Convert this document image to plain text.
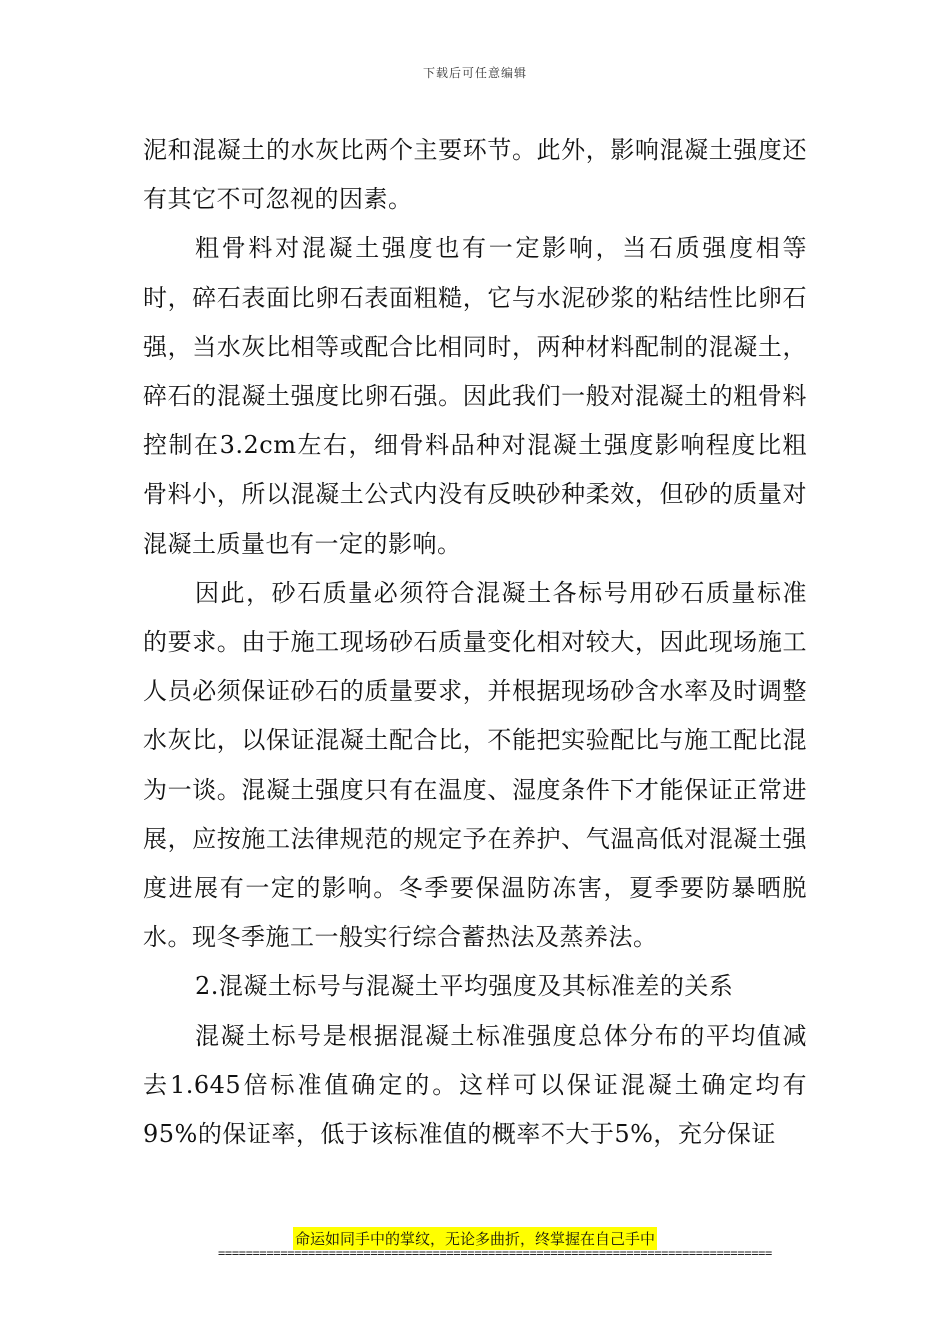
下载后可任意编辑

泥和混凝土的水灰比两个主要环节。此外，影响混凝土强度还有其它不可忽视的因素。

粗骨料对混凝土强度也有一定影响，当石质强度相等时，碎石表面比卵石表面粗糙，它与水泥砂浆的粘结性比卵石强，当水灰比相等或配合比相同时，两种材料配制的混凝土，碎石的混凝土强度比卵石强。因此我们一般对混凝土的粗骨料控制在3.2cm左右，细骨料品种对混凝土强度影响程度比粗骨料小，所以混凝土公式内没有反映砂种柔效，但砂的质量对混凝土质量也有一定的影响。

因此，砂石质量必须符合混凝土各标号用砂石质量标准的要求。由于施工现场砂石质量变化相对较大，因此现场施工人员必须保证砂石的质量要求，并根据现场砂含水率及时调整水灰比，以保证混凝土配合比，不能把实验配比与施工配比混为一谈。混凝土强度只有在温度、湿度条件下才能保证正常进展，应按施工法律规范的规定予在养护、气温高低对混凝土强度进展有一定的影响。冬季要保温防冻害，夏季要防暴晒脱水。现冬季施工一般实行综合蓄热法及蒸养法。

2.混凝土标号与混凝土平均强度及其标准差的关系

混凝土标号是根据混凝土标准强度总体分布的平均值减去1.645倍标准值确定的。这样可以保证混凝土确定均有95%的保证率，低于该标准值的概率不大于5%，充分保证

命运如同手中的掌纹，无论多曲折，终掌握在自己手中
================================================================================
